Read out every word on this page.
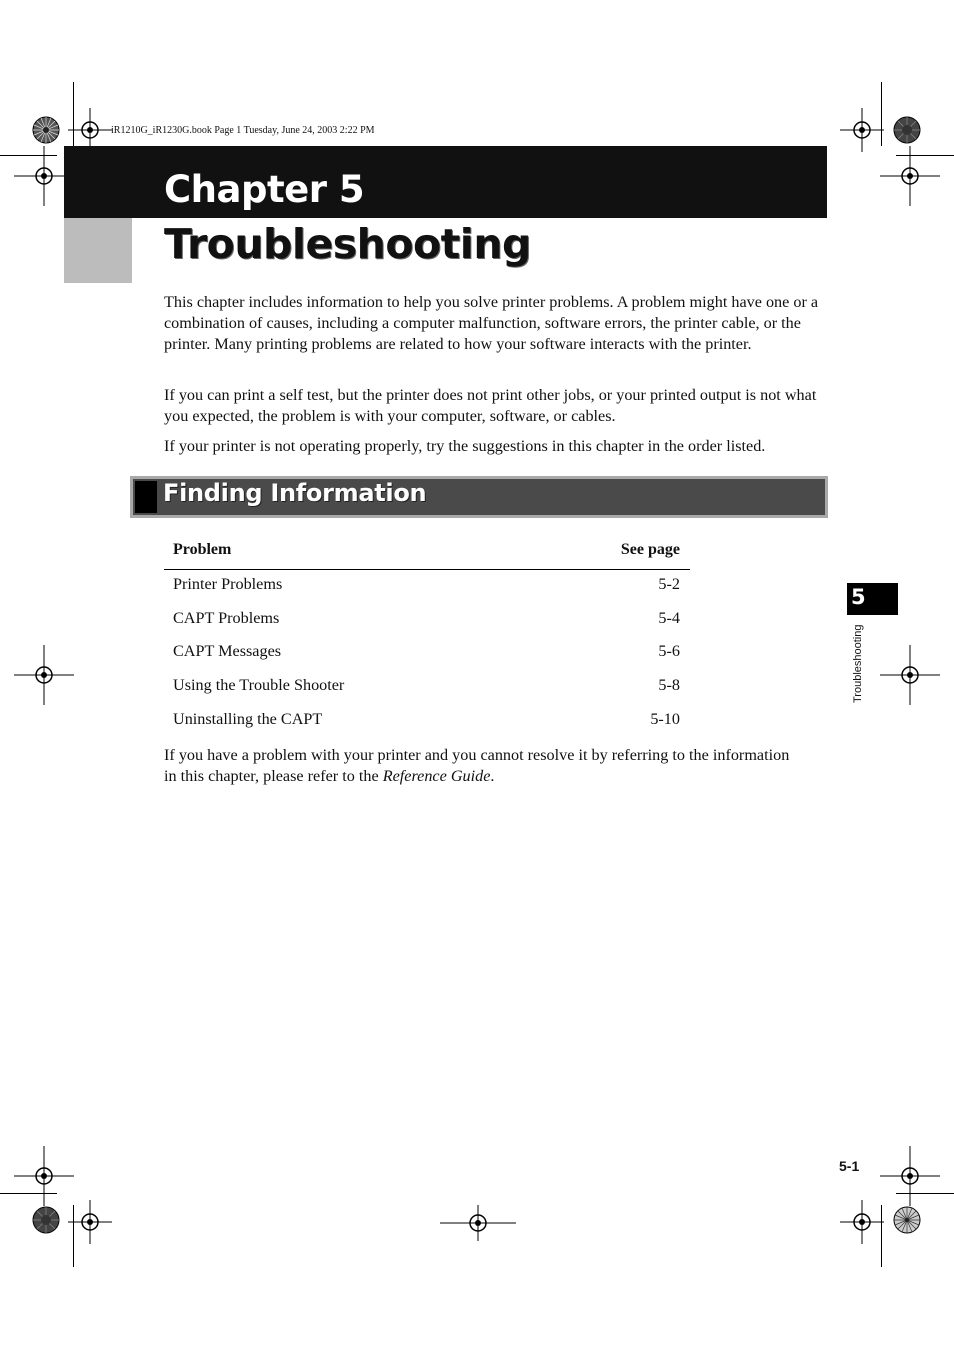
iR1210G_iR1230G.book Page 1 Tuesday, June 24, 2003 2:22 PM
Chapter 5
Troubleshooting

This chapter includes information to help you solve printer problems. A problem might have one or a combination of causes, including a computer malfunction, software errors, the printer cable, or the printer. Many printing problems are related to how your software interacts with the printer.

If you can print a self test, but the printer does not print other jobs, or your printed output is not what you expected, the problem is with your computer, software, or cables.

If your printer is not operating properly, try the suggestions in this chapter in the order listed.

Finding Information
Problem	See page
Printer Problems	5-2
CAPT Problems	5-4
CAPT Messages	5-6
Using the Trouble Shooter	5-8
Uninstalling the CAPT	5-10

If you have a problem with your printer and you cannot resolve it by referring to the information in this chapter, please refer to the Reference Guide.

5
Troubleshooting
5-1
